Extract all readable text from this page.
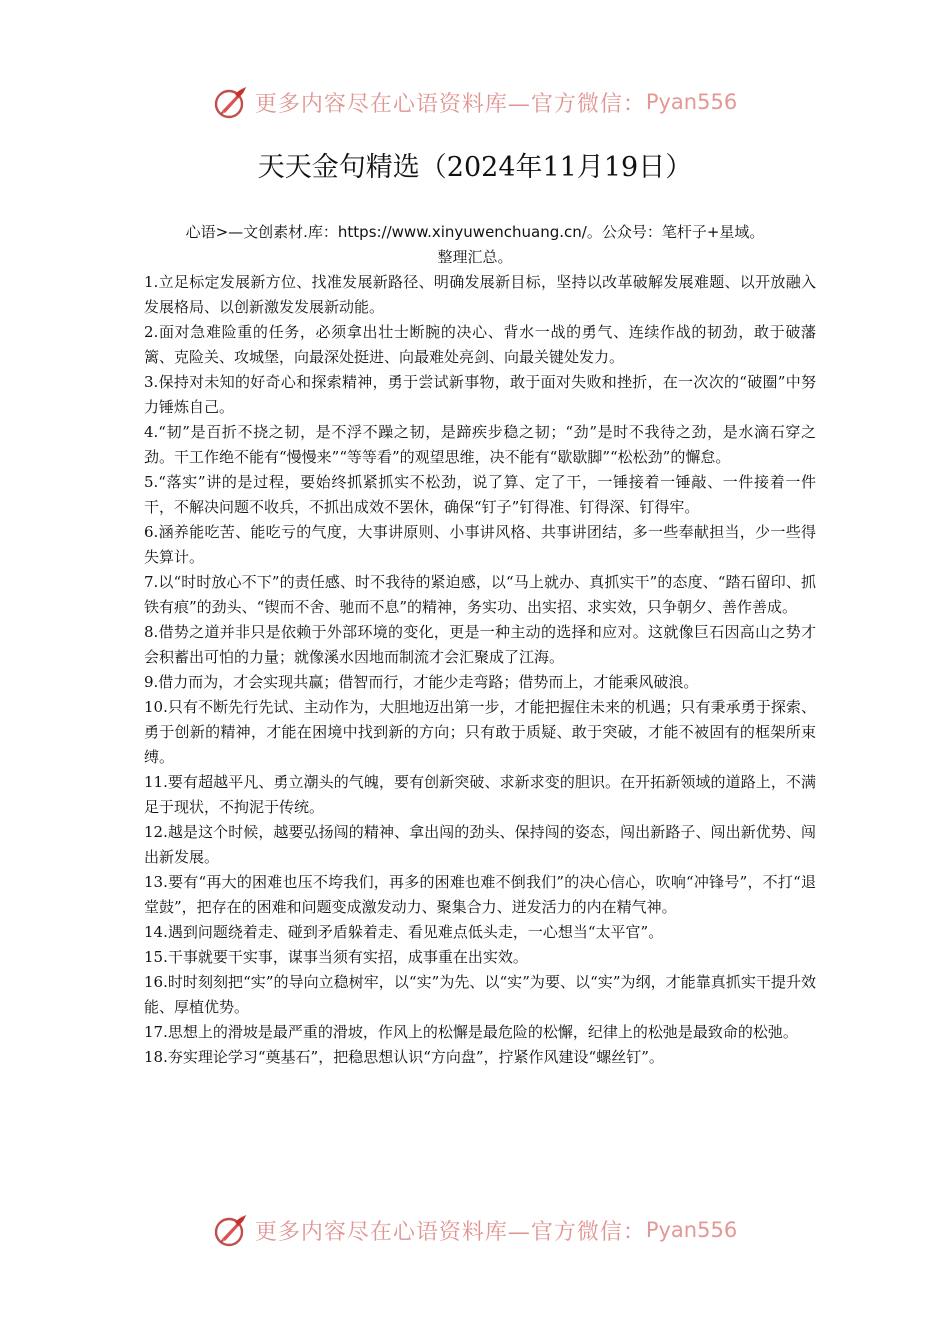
更多内容尽在心语资料库—官方微信： Pyan556
天天金句精选（2024年11月19日）
心语>—文创素材.库：https://www.xinyuwenchuang.cn/。公众号：笔杆子+星域。
整理汇总。
1.立足标定发展新方位、找准发展新路径、明确发展新目标，坚持以改革破解发展难题、以开放融入发展格局、以创新激发发展新动能。
2.面对急难险重的任务，必须拿出壮士断腕的决心、背水一战的勇气、连续作战的韧劲，敢于破藩篱、克险关、攻城堡，向最深处挺进、向最难处亮剑、向最关键处发力。
3.保持对未知的好奇心和探索精神，勇于尝试新事物，敢于面对失败和挫折，在一次次的“破圈”中努力锤炼自己。
4.“韧”是百折不挠之韧，是不浮不躁之韧，是蹄疾步稳之韧；“劲”是时不我待之劲，是水滴石穿之劲。干工作绝不能有“慢慢来”“等等看”的观望思维，决不能有“歇歇脚”“松松劲”的懈怠。
5.“落实”讲的是过程，要始终抓紧抓实不松劲，说了算、定了干，一锤接着一锤敲、一件接着一件干，不解决问题不收兵，不抓出成效不罢休，确保“钉子”钉得准、钉得深、钉得牢。
6.涵养能吃苦、能吃亏的气度，大事讲原则、小事讲风格、共事讲团结，多一些奉献担当，少一些得失算计。
7.以“时时放心不下”的责任感、时不我待的紧迫感，以“马上就办、真抓实干”的态度、“踏石留印、抓铁有痕”的劲头、“锲而不舍、驰而不息”的精神，务实功、出实招、求实效，只争朝夕、善作善成。
8.借势之道并非只是依赖于外部环境的变化，更是一种主动的选择和应对。这就像巨石因高山之势才会积蓄出可怕的力量；就像溪水因地而制流才会汇聚成了江海。
9.借力而为，才会实现共赢；借智而行，才能少走弯路；借势而上，才能乘风破浪。
10.只有不断先行先试、主动作为，大胆地迈出第一步，才能把握住未来的机遇；只有秉承勇于探索、勇于创新的精神，才能在困境中找到新的方向；只有敢于质疑、敢于突破，才能不被固有的框架所束缚。
11.要有超越平凡、勇立潮头的气魄，要有创新突破、求新求变的胆识。在开拓新领域的道路上，不满足于现状，不拘泥于传统。
12.越是这个时候，越要弘扬闯的精神、拿出闯的劲头、保持闯的姿态，闯出新路子、闯出新优势、闯出新发展。
13.要有“再大的困难也压不垮我们，再多的困难也难不倒我们”的决心信心，吹响“冲锋号”，不打“退堂鼓”，把存在的困难和问题变成激发动力、聚集合力、迸发活力的内在精气神。
14.遇到问题绕着走、碰到矛盾躲着走、看见难点低头走，一心想当“太平官”。
15.干事就要干实事，谋事当须有实招，成事重在出实效。
16.时时刻刻把“实”的导向立稳树牢，以“实”为先、以“实”为要、以“实”为纲，才能靠真抓实干提升效能、厚植优势。
17.思想上的滑坡是最严重的滑坡，作风上的松懈是最危险的松懈，纪律上的松弛是最致命的松弛。
18.夯实理论学习“奠基石”，把稳思想认识“方向盘”，拧紧作风建设“螺丝钉”。
更多内容尽在心语资料库—官方微信： Pyan556
